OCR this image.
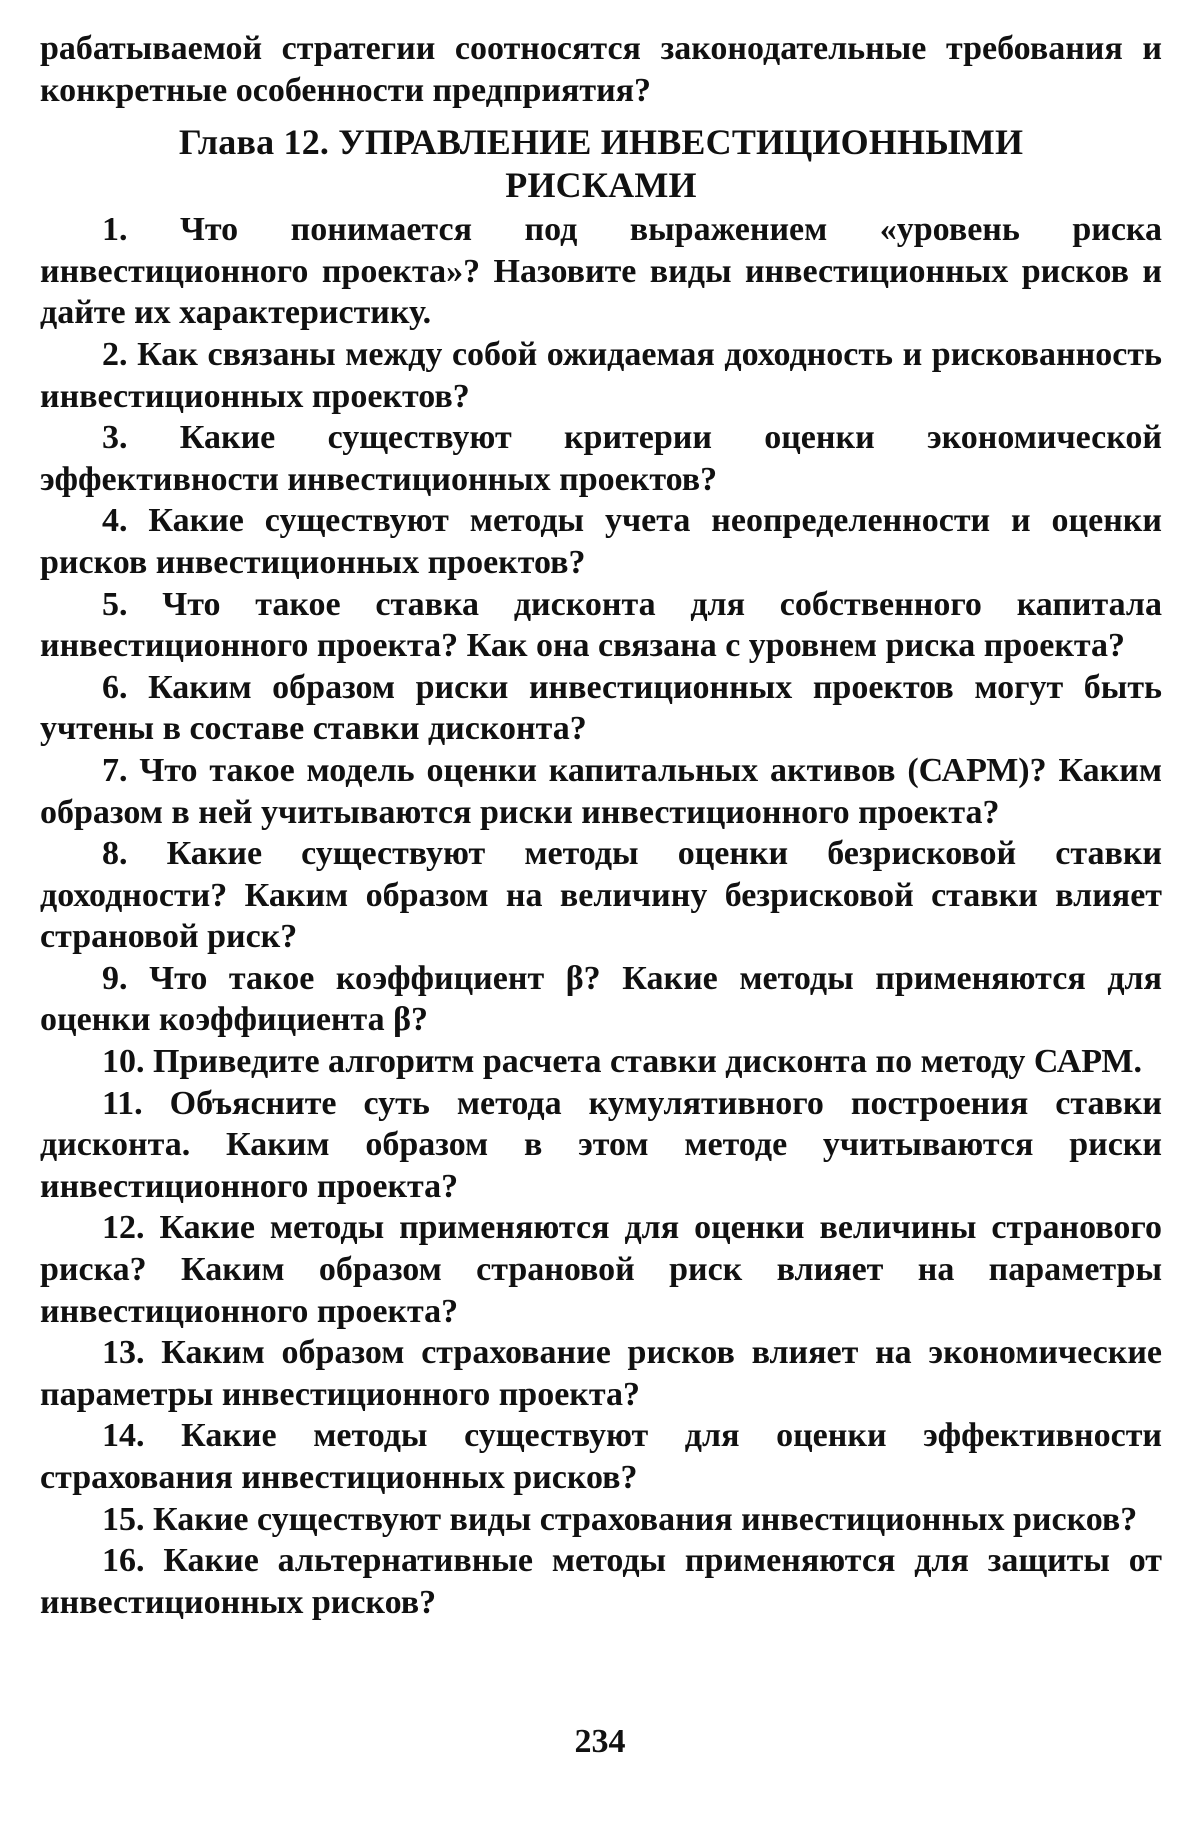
рабатываемой стратегии соотносятся законодательные требования и конкретные особенности предприятия?

Глава 12. УПРАВЛЕНИЕ ИНВЕСТИЦИОННЫМИ
РИСКАМИ

1. Что понимается под выражением «уровень риска инвестиционного проекта»? Назовите виды инвестиционных рисков и дайте их характеристику.

2. Как связаны между собой ожидаемая доходность и рискованность инвестиционных проектов?

3. Какие существуют критерии оценки экономической эффективности инвестиционных проектов?

4. Какие существуют методы учета неопределенности и оценки рисков инвестиционных проектов?

5. Что такое ставка дисконта для собственного капитала инвестиционного проекта? Как она связана с уровнем риска проекта?

6. Каким образом риски инвестиционных проектов могут быть учтены в составе ставки дисконта?

7. Что такое модель оценки капитальных активов (САРМ)? Каким образом в ней учитываются риски инвестиционного проекта?

8. Какие существуют методы оценки безрисковой ставки доходности? Каким образом на величину безрисковой ставки влияет страновой риск?

9. Что такое коэффициент β? Какие методы применяются для оценки коэффициента β?

10. Приведите алгоритм расчета ставки дисконта по методу САРМ.

11. Объясните суть метода кумулятивного построения ставки дисконта. Каким образом в этом методе учитываются риски инвестиционного проекта?

12. Какие методы применяются для оценки величины странового риска? Каким образом страновой риск влияет на параметры инвестиционного проекта?

13. Каким образом страхование рисков влияет на экономические параметры инвестиционного проекта?

14. Какие методы существуют для оценки эффективности страхования инвестиционных рисков?

15. Какие существуют виды страхования инвестиционных рисков?

16. Какие альтернативные методы применяются для защиты от инвестиционных рисков?

234
